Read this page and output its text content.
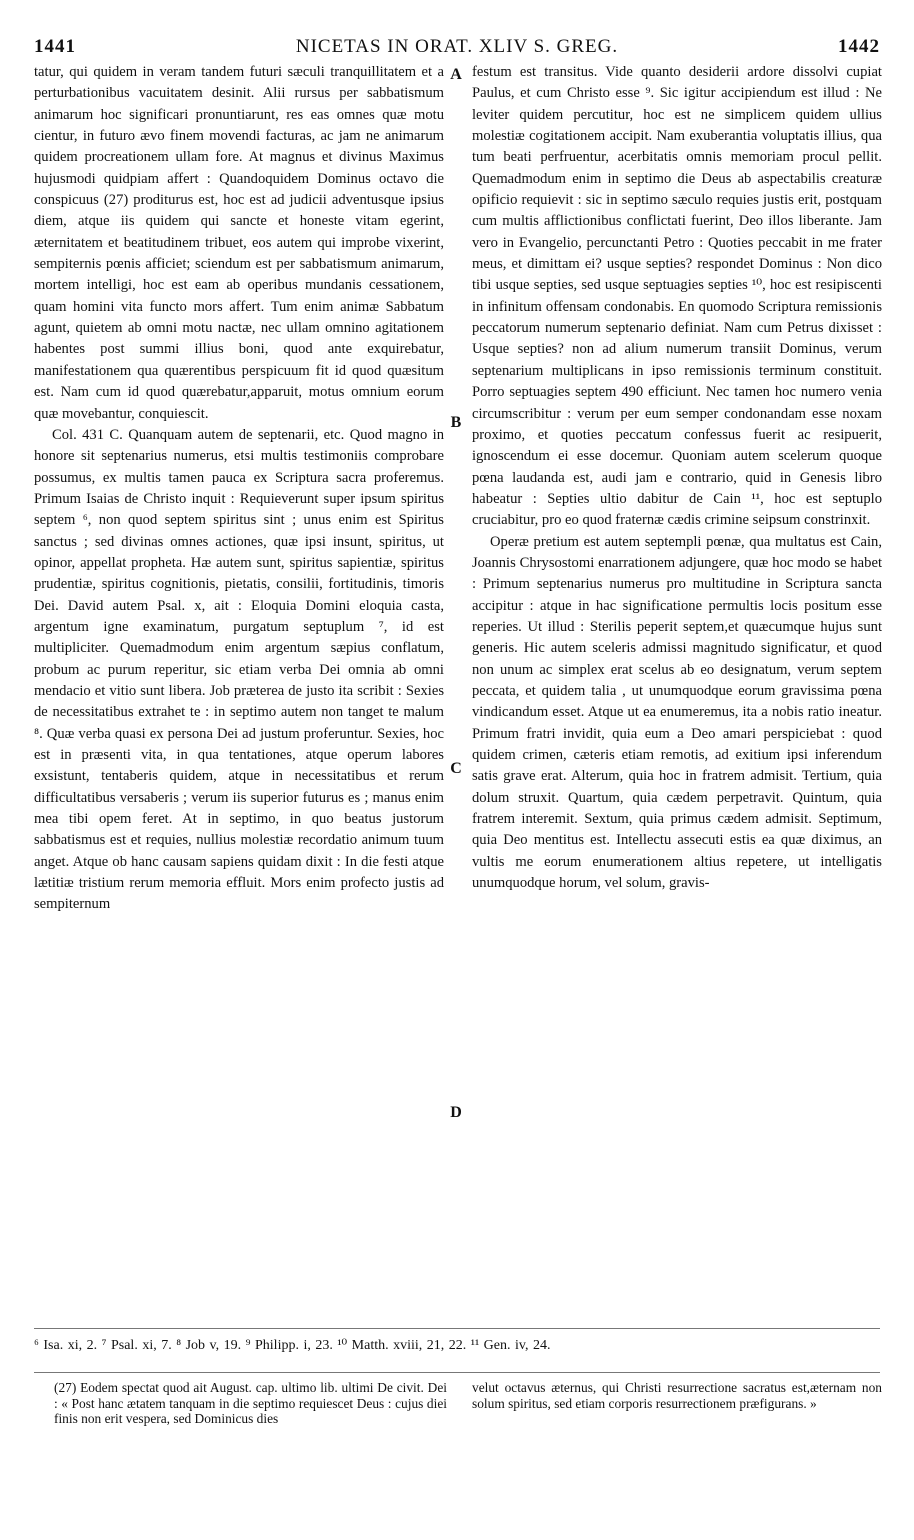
1441	NICETAS IN ORAT. XLIV S. GREG.	1442

tatur, qui quidem in veram tandem futuri sæculi tranquillitatem et a perturbationibus vacuitatem desinit. Alii rursus per sabbatismum animarum hoc significari pronuntiarunt, res eas omnes quæ motu cientur, in futuro ævo finem movendi facturas, ac jam ne animarum quidem procreationem ullam fore. At magnus et divinus Maximus hujusmodi quidpiam affert : Quandoquidem Dominus octavo die conspicuus (27) proditurus est, hoc est ad judicii adventusque ipsius diem, atque iis quidem qui sancte et honeste vitam egerint, æternitatem et beatitudinem tribuet, eos autem qui improbe vixerint, sempiternis pœnis afficiet; sciendum est per sabbatismum animarum, mortem intelligi, hoc est eam ab operibus mundanis cessationem, quam homini vita functo mors affert. Tum enim animæ Sabbatum agunt, quietem ab omni motu nactæ, nec ullam omnino agitationem habentes post summi illius boni, quod ante exquirebatur, manifestationem qua quærentibus perspicuum fit id quod quæsitum est. Nam cum id quod quærebatur,apparuit, motus omnium eorum quæ movebantur, conquiescit.

Col. 431 C. Quanquam autem de septenarii, etc. Quod magno in honore sit septenarius numerus, etsi multis testimoniis comprobare possumus, ex multis tamen pauca ex Scriptura sacra proferemus. Primum Isaias de Christo inquit : Requieverunt super ipsum spiritus septem ⁶, non quod septem spiritus sint ; unus enim est Spiritus sanctus ; sed divinas omnes actiones, quæ ipsi insunt, spiritus, ut opinor, appellat propheta. Hæ autem sunt, spiritus sapientiæ, spiritus prudentiæ, spiritus cognitionis, pietatis, consilii, fortitudinis, timoris Dei. David autem Psal. x, ait : Eloquia Domini eloquia casta, argentum igne examinatum, purgatum septuplum ⁷, id est multipliciter. Quemadmodum enim argentum sæpius conflatum, probum ac purum reperitur, sic etiam verba Dei omnia ab omni mendacio et vitio sunt libera. Job præterea de justo ita scribit : Sexies de necessitatibus extrahet te : in septimo autem non tanget te malum ⁸. Quæ verba quasi ex persona Dei ad justum proferuntur. Sexies, hoc est in præsenti vita, in qua tentationes, atque operum labores exsistunt, tentaberis quidem, atque in necessitatibus et rerum difficultatibus versaberis ; verum iis superior futurus es ; manus enim mea tibi opem feret. At in septimo, in quo beatus justorum sabbatismus est et requies, nullius molestiæ recordatio animum tuum anget. Atque ob hanc causam sapiens quidam dixit : In die festi atque lætitiæ tristium rerum memoria effluit. Mors enim profecto justis ad sempiternum

A
B
C
D

festum est transitus. Vide quanto desiderii ardore dissolvi cupiat Paulus, et cum Christo esse ⁹. Sic igitur accipiendum est illud : Ne leviter quidem percutitur, hoc est ne simplicem quidem ullius molestiæ cogitationem accipit. Nam exuberantia voluptatis illius, qua tum beati perfruentur, acerbitatis omnis memoriam procul pellit. Quemadmodum enim in septimo die Deus ab aspectabilis creaturæ opificio requievit : sic in septimo sæculo requies justis erit, postquam cum multis afflictionibus conflictati fuerint, Deo illos liberante. Jam vero in Evangelio, percunctanti Petro : Quoties peccabit in me frater meus, et dimittam ei? usque septies? respondet Dominus : Non dico tibi usque septies, sed usque septuagies septies ¹⁰, hoc est resipiscenti in infinitum offensam condonabis. En quomodo Scriptura remissionis peccatorum numerum septenario definiat. Nam cum Petrus dixisset : Usque septies? non ad alium numerum transiit Dominus, verum septenarium multiplicans in ipso remissionis terminum constituit. Porro septuagies septem 490 efficiunt. Nec tamen hoc numero venia circumscribitur : verum per eum semper condonandam esse noxam proximo, et quoties peccatum confessus fuerit ac resipuerit, ignoscendum ei esse docemur. Quoniam autem scelerum quoque pœna laudanda est, audi jam e contrario, quid in Genesis libro habeatur : Septies ultio dabitur de Cain ¹¹, hoc est septuplo cruciabitur, pro eo quod fraternæ cædis crimine seipsum constrinxit.

Operæ pretium est autem septempli pœnæ, qua multatus est Cain, Joannis Chrysostomi enarrationem adjungere, quæ hoc modo se habet : Primum septenarius numerus pro multitudine in Scriptura sancta accipitur : atque in hac significatione permultis locis positum esse reperies. Ut illud : Sterilis peperit septem,et quæcumque hujus sunt generis. Hic autem sceleris admissi magnitudo significatur, et quod non unum ac simplex erat scelus ab eo designatum, verum septem peccata, et quidem talia , ut unumquodque eorum gravissima pœna vindicandum esset. Atque ut ea enumeremus, ita a nobis ratio ineatur. Primum fratri invidit, quia eum a Deo amari perspiciebat : quod quidem crimen, cæteris etiam remotis, ad exitium ipsi inferendum satis grave erat. Alterum, quia hoc in fratrem admisit. Tertium, quia dolum struxit. Quartum, quia cædem perpetravit. Quintum, quia fratrem interemit. Sextum, quia primus cædem admisit. Septimum, quia Deo mentitus est. Intellectu assecuti estis ea quæ diximus, an vultis me eorum enumerationem altius repetere, ut intelligatis unumquodque horum, vel solum, gravis-

⁶ Isa. xi, 2. ⁷ Psal. xi, 7. ⁸ Job v, 19. ⁹ Philipp. i, 23. ¹⁰ Matth. xviii, 21, 22. ¹¹ Gen. iv, 24.
(27) Eodem spectat quod ait August. cap. ultimo lib. ultimi De civit. Dei : « Post hanc ætatem tanquam in die septimo requiescet Deus : cujus diei finis non erit vespera, sed Dominicus dies
velut octavus æternus, qui Christi resurrectione sacratus est,æternam non solum spiritus, sed etiam corporis resurrectionem præfigurans. »
